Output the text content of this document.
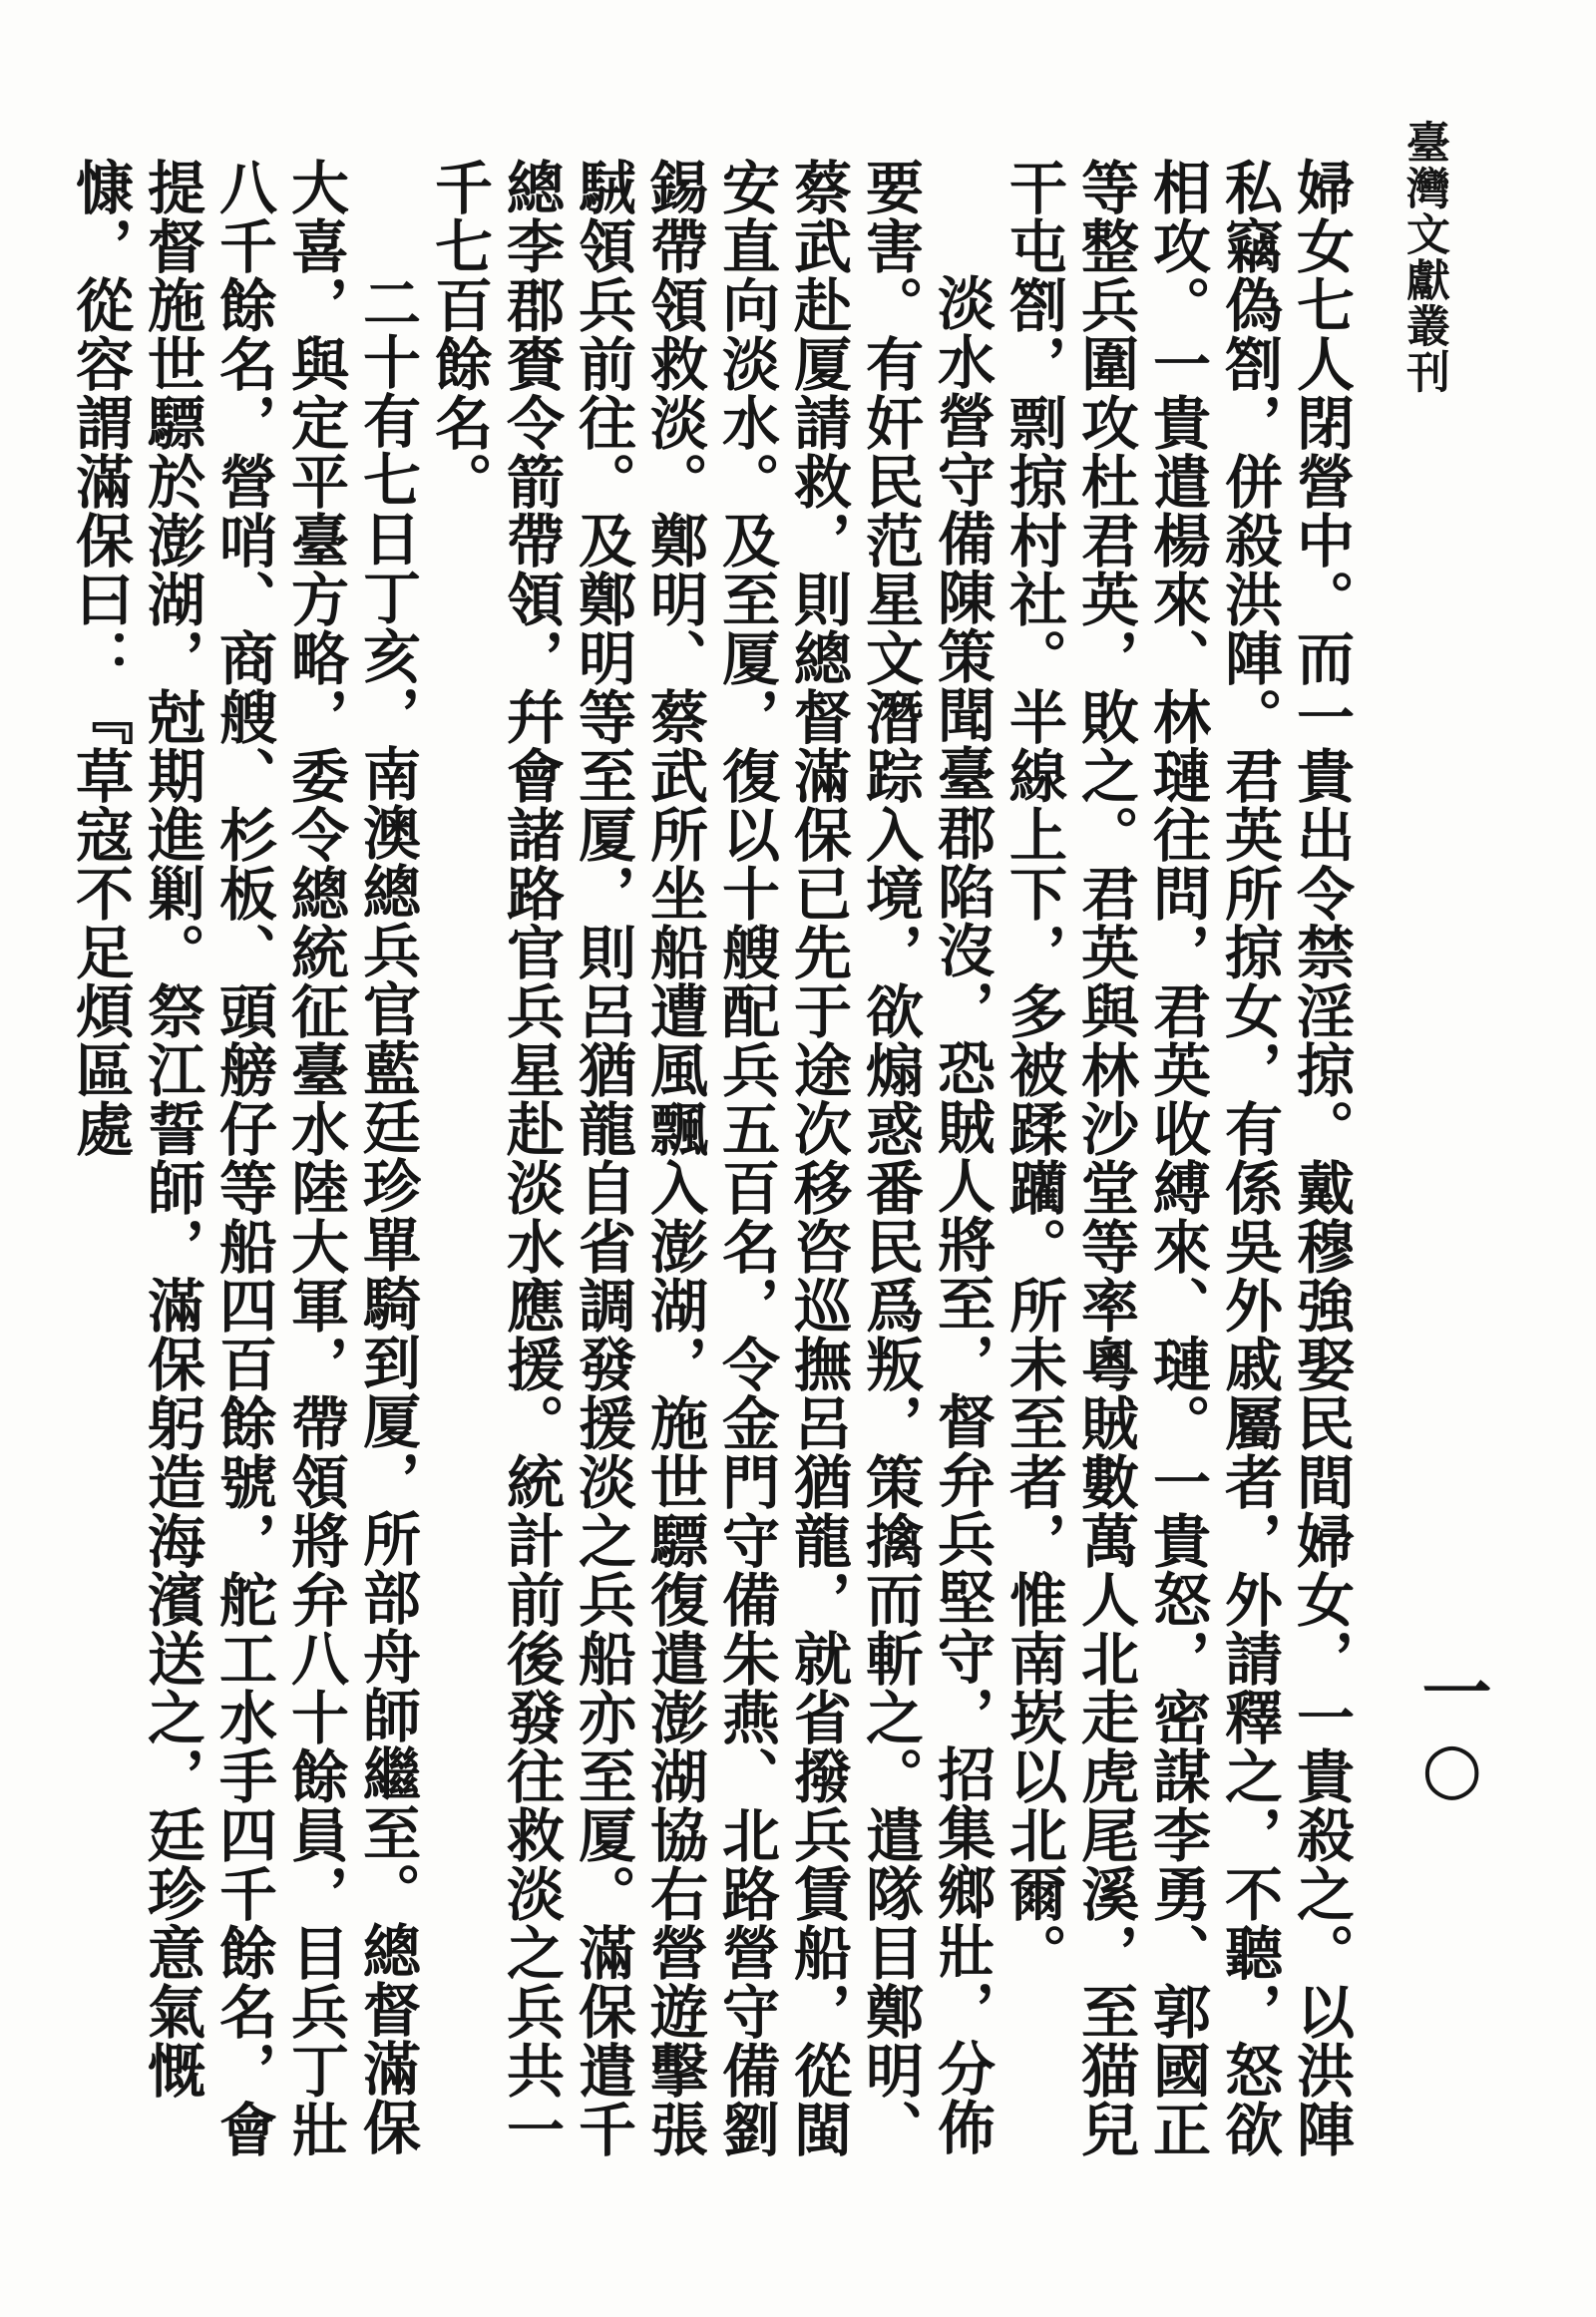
臺灣文獻叢刊
一○

婦女七人閉營中。而一貴出令禁淫掠。戴穆強娶民間婦女，一貴殺之。以洪陣私竊偽劄，併殺洪陣。君英所掠女，有係吳外戚屬者，外請釋之，不聽，怒欲相攻。一貴遣楊來、林璉往問，君英收縛來、璉。一貴怒，密謀李勇、郭國正等整兵圍攻杜君英，敗之。君英與林沙堂等率粵賊數萬人北走虎尾溪，至猫兒干屯劄，剽掠村社。半線上下，多被蹂躪。所未至者，惟南崁以北爾。

淡水營守備陳策聞臺郡陷沒，恐賊人將至，督弁兵堅守，招集鄉壯，分佈要害。有奸民范星文潛踪入境，欲煽惑番民爲叛，策擒而斬之。遣隊目鄭明、蔡武赴厦請救，則總督滿保已先于途次移咨巡撫呂猶龍，就省撥兵賃船，從閩安直向淡水。及至厦，復以十艘配兵五百名，令金門守備朱燕、北路營守備劉錫帶領救淡。鄭明、蔡武所坐船遭風飄入澎湖，施世驃復遣澎湖協右營遊擊張駥領兵前往。及鄭明等至厦，則呂猶龍自省調發援淡之兵船亦至厦。滿保遣千總李郡賚令箭帶領，幷會諸路官兵星赴淡水應援。統計前後發往救淡之兵共一千七百餘名。

二十有七日丁亥，南澳總兵官藍廷珍單騎到厦，所部舟師繼至。總督滿保大喜，與定平臺方略，委令總統征臺水陸大軍，帶領將弁八十餘員，目兵丁壯八千餘名，營哨、商艘、杉板、頭艕仔等船四百餘號，舵工水手四千餘名，會提督施世驃於澎湖，尅期進剿。祭江誓師，滿保躬造海濱送之，廷珍意氣慨慷，從容謂滿保曰：『草寇不足煩區處
